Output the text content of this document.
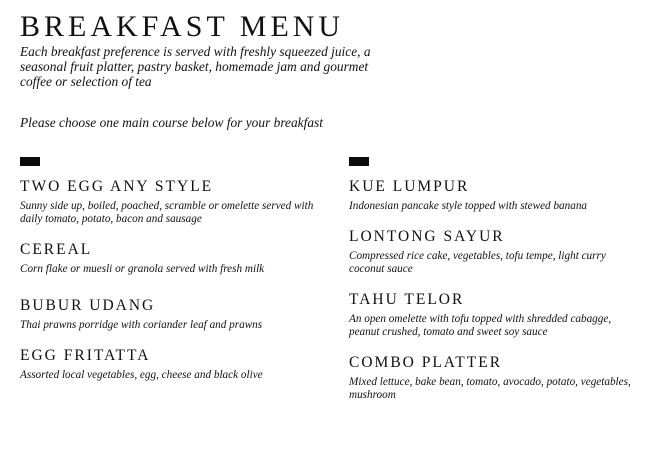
BREAKFAST MENU
Each breakfast preference is served with freshly squeezed juice, a seasonal fruit platter, pastry basket, homemade jam and gourmet coffee or selection of tea
Please choose one main course below for your breakfast
TWO EGG ANY STYLE
Sunny side up, boiled, poached, scramble or omelette served with daily tomato, potato, bacon and sausage
CEREAL
Corn flake or muesli or granola served with fresh milk
BUBUR UDANG
Thai prawns porridge with coriander leaf and prawns
EGG FRITATTA
Assorted local vegetables, egg, cheese and black olive
KUE LUMPUR
Indonesian pancake style topped with stewed banana
LONTONG SAYUR
Compressed rice cake, vegetables, tofu tempe, light curry coconut sauce
TAHU TELOR
An open omelette with tofu topped with shredded cabagge, peanut crushed, tomato and sweet soy sauce
COMBO PLATTER
Mixed lettuce, bake bean, tomato, avocado, potato, vegetables, mushroom
